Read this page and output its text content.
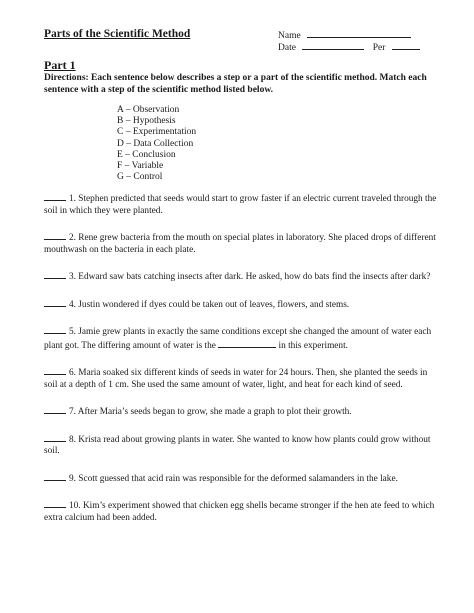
Parts of the Scientific Method	Name
Date	Per
Part 1
Directions: Each sentence below describes a step or a part of the scientific method. Match each sentence with a step of the scientific method listed below.
A – Observation
B – Hypothesis
C – Experimentation
D – Data Collection
E – Conclusion
F – Variable
G – Control
1. Stephen predicted that seeds would start to grow faster if an electric current traveled through the soil in which they were planted.
2. Rene grew bacteria from the mouth on special plates in laboratory. She placed drops of different mouthwash on the bacteria in each plate.
3. Edward saw bats catching insects after dark. He asked, how do bats find the insects after dark?
4. Justin wondered if dyes could be taken out of leaves, flowers, and stems.
5. Jamie grew plants in exactly the same conditions except she changed the amount of water each plant got. The differing amount of water is the	in this experiment.
6. Maria soaked six different kinds of seeds in water for 24 hours. Then, she planted the seeds in soil at a depth of 1 cm. She used the same amount of water, light, and heat for each kind of seed.
7. After Maria’s seeds began to grow, she made a graph to plot their growth.
8. Krista read about growing plants in water. She wanted to know how plants could grow without soil.
9. Scott guessed that acid rain was responsible for the deformed salamanders in the lake.
10. Kim’s experiment showed that chicken egg shells became stronger if the hen ate feed to which extra calcium had been added.
